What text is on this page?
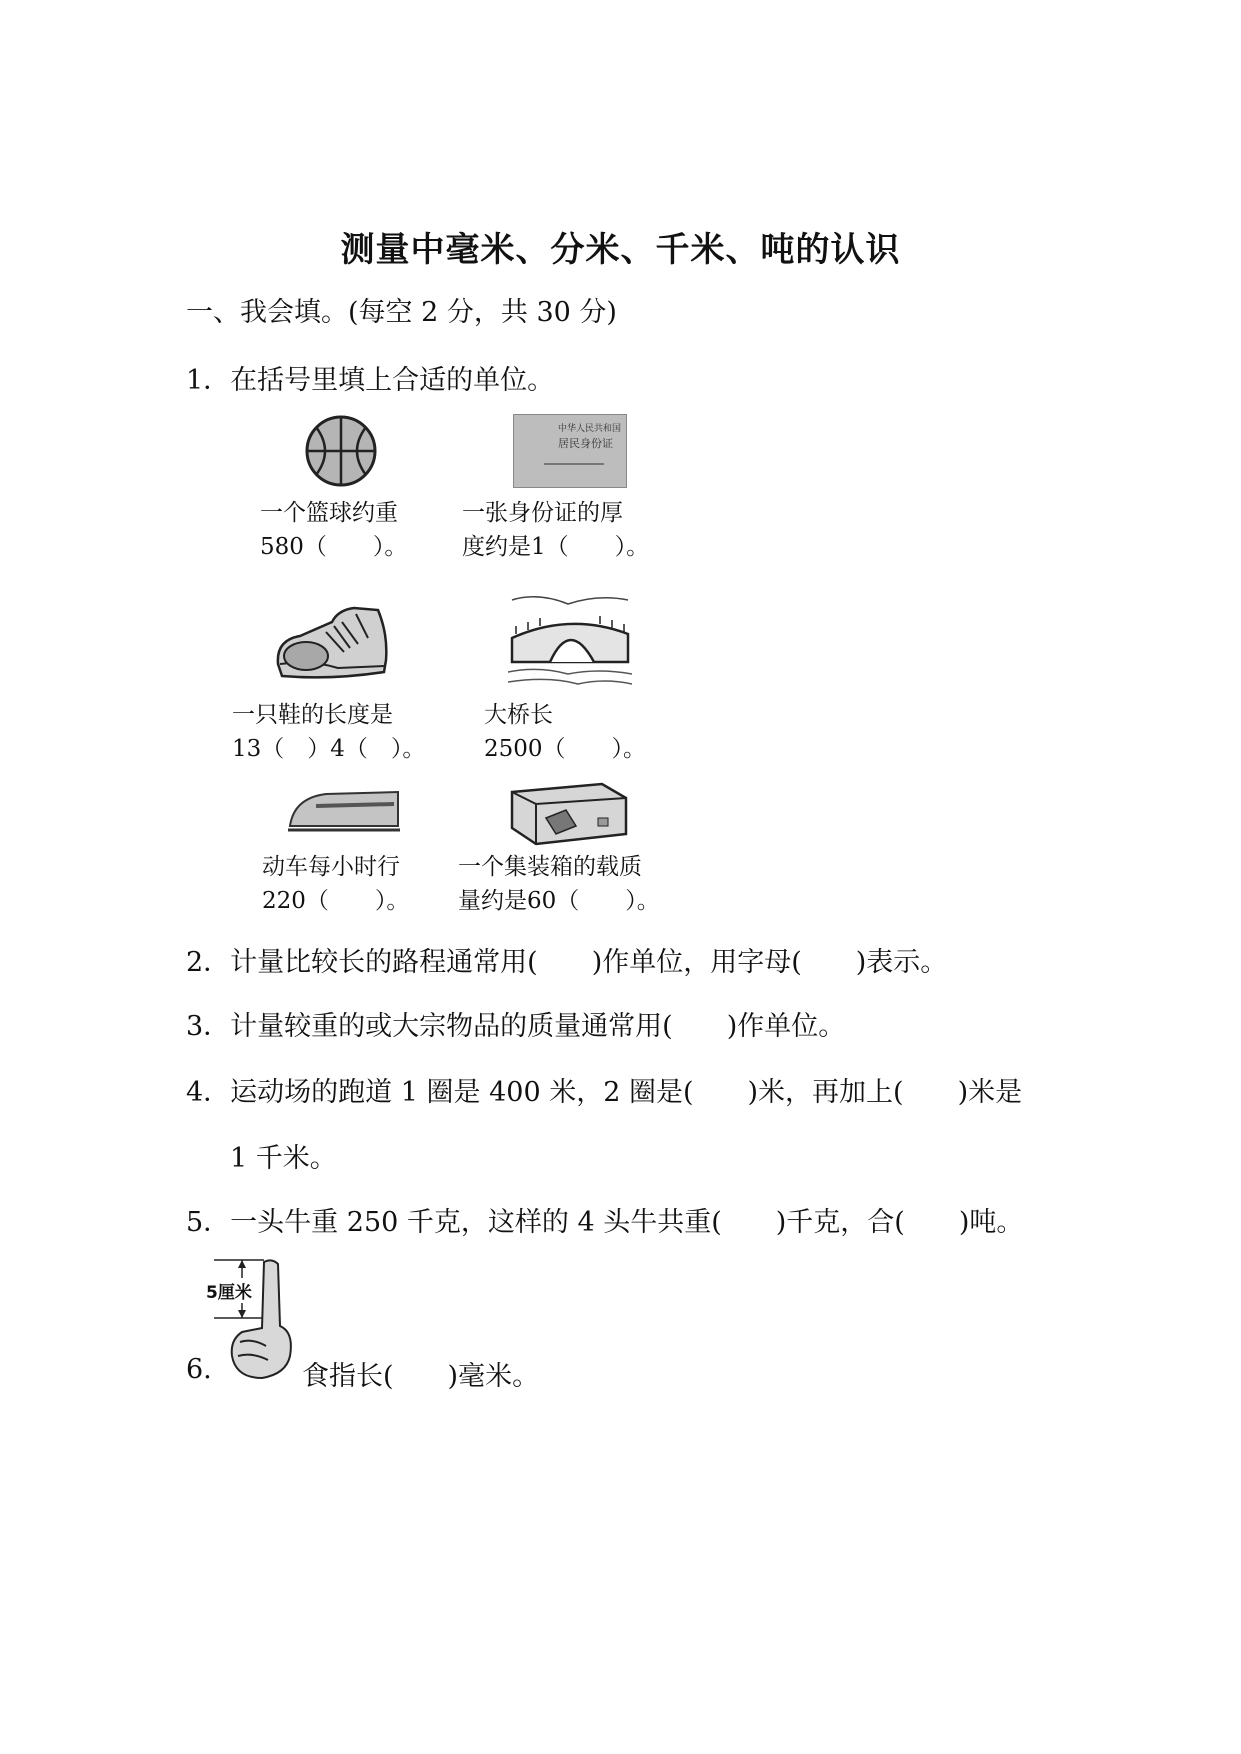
测量中毫米、分米、千米、吨的认识
一、我会填。(每空 2 分，共 30 分)
1．在括号里填上合适的单位。
一个篮球约重
580（　　）。
中华人民共和国
居民身份证
一张身份证的厚
度约是1（　　）。
一只鞋的长度是
13（　）4（　）。
大桥长
2500（　　）。
动车每小时行
220（　　）。
一个集装箱的载质
量约是60（　　）。
2．计量比较长的路程通常用(　　)作单位，用字母(　　)表示。
3．计量较重的或大宗物品的质量通常用(　　)作单位。
4．运动场的跑道 1 圈是 400 米，2 圈是(　　)米，再加上(　　)米是
1 千米。
5．一头牛重 250 千克，这样的 4 头牛共重(　　)千克，合(　　)吨。
5厘米
6.	食指长(　　)毫米。
